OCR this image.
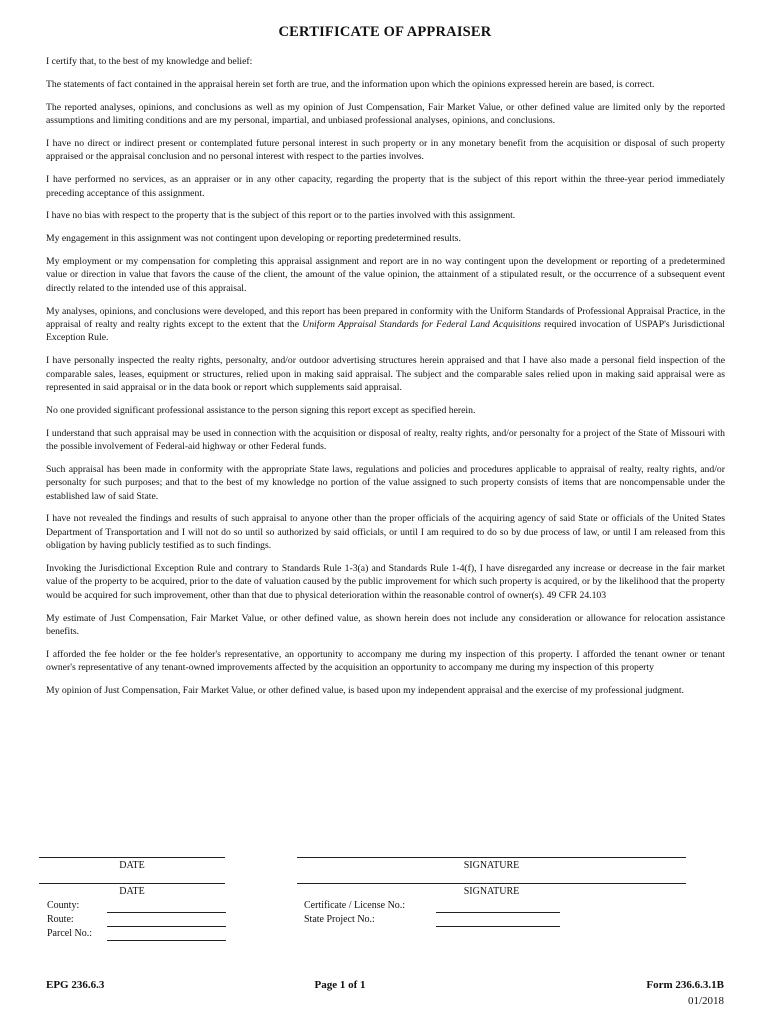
CERTIFICATE OF APPRAISER

I certify that, to the best of my knowledge and belief:

The statements of fact contained in the appraisal herein set forth are true, and the information upon which the opinions expressed herein are based, is correct.

The reported analyses, opinions, and conclusions as well as my opinion of Just Compensation, Fair Market Value, or other defined value are limited only by the reported assumptions and limiting conditions and are my personal, impartial, and unbiased professional analyses, opinions, and conclusions.

I have no direct or indirect present or contemplated future personal interest in such property or in any monetary benefit from the acquisition or disposal of such property appraised or the appraisal conclusion and no personal interest with respect to the parties involves.

I have performed no services, as an appraiser or in any other capacity, regarding the property that is the subject of this report within the three-year period immediately preceding acceptance of this assignment.

I have no bias with respect to the property that is the subject of this report or to the parties involved with this assignment.

My engagement in this assignment was not contingent upon developing or reporting predetermined results.

My employment or my compensation for completing this appraisal assignment and report are in no way contingent upon the development or reporting of a predetermined value or direction in value that favors the cause of the client, the amount of the value opinion, the attainment of a stipulated result, or the occurrence of a subsequent event directly related to the intended use of this appraisal.

My analyses, opinions, and conclusions were developed, and this report has been prepared in conformity with the Uniform Standards of Professional Appraisal Practice, in the appraisal of realty and realty rights except to the extent that the Uniform Appraisal Standards for Federal Land Acquisitions required invocation of USPAP's Jurisdictional Exception Rule.

I have personally inspected the realty rights, personalty, and/or outdoor advertising structures herein appraised and that I have also made a personal field inspection of the comparable sales, leases, equipment or structures, relied upon in making said appraisal. The subject and the comparable sales relied upon in making said appraisal were as represented in said appraisal or in the data book or report which supplements said appraisal.

No one provided significant professional assistance to the person signing this report except as specified herein.

I understand that such appraisal may be used in connection with the acquisition or disposal of realty, realty rights, and/or personalty for a project of the State of Missouri with the possible involvement of Federal-aid highway or other Federal funds.

Such appraisal has been made in conformity with the appropriate State laws, regulations and policies and procedures applicable to appraisal of realty, realty rights, and/or personalty for such purposes; and that to the best of my knowledge no portion of the value assigned to such property consists of items that are noncompensable under the established law of said State.

I have not revealed the findings and results of such appraisal to anyone other than the proper officials of the acquiring agency of said State or officials of the United States Department of Transportation and I will not do so until so authorized by said officials, or until I am required to do so by due process of law, or until I am released from this obligation by having publicly testified as to such findings.

Invoking the Jurisdictional Exception Rule and contrary to Standards Rule 1-3(a) and Standards Rule 1-4(f), I have disregarded any increase or decrease in the fair market value of the property to be acquired, prior to the date of valuation caused by the public improvement for which such property is acquired, or by the likelihood that the property would be acquired for such improvement, other than that due to physical deterioration within the reasonable control of owner(s). 49 CFR 24.103

My estimate of Just Compensation, Fair Market Value, or other defined value, as shown herein does not include any consideration or allowance for relocation assistance benefits.

I afforded the fee holder or the fee holder's representative, an opportunity to accompany me during my inspection of this property. I afforded the tenant owner or tenant owner's representative of any tenant-owned improvements affected by the acquisition an opportunity to accompany me during my inspection of this property

My opinion of Just Compensation, Fair Market Value, or other defined value, is based upon my independent appraisal and the exercise of my professional judgment.

DATE	SIGNATURE
DATE	SIGNATURE
County:
Route:
Parcel No.:
Certificate / License No.:
State Project No.:
EPG 236.6.3	Page 1 of 1	Form 236.6.3.1B
01/2018
